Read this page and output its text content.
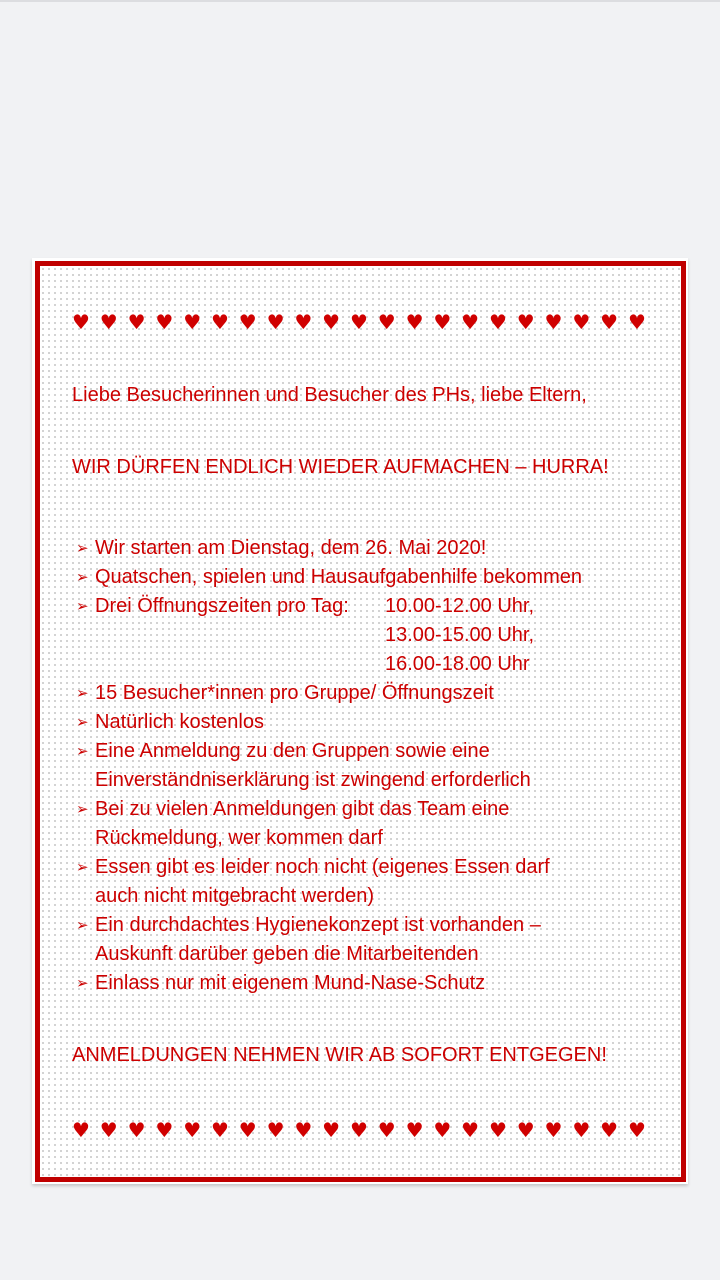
♥ ♥ ♥ ♥ ♥ ♥ ♥ ♥ ♥ ♥ ♥ ♥ ♥ ♥ ♥ ♥ ♥ ♥ ♥ ♥ ♥
Liebe Besucherinnen und Besucher des PHs, liebe Eltern,
WIR DÜRFEN ENDLICH WIEDER AUFMACHEN – HURRA!
➢ Wir starten am Dienstag, dem 26. Mai 2020!
➢ Quatschen, spielen und Hausaufgabenhilfe bekommen
➢ Drei Öffnungszeiten pro Tag: 10.00-12.00 Uhr,
13.00-15.00 Uhr,
16.00-18.00 Uhr
➢ 15 Besucher*innen pro Gruppe/ Öffnungszeit
➢ Natürlich kostenlos
➢ Eine Anmeldung zu den Gruppen sowie eine
Einverständniserklärung ist zwingend erforderlich
➢ Bei zu vielen Anmeldungen gibt das Team eine
Rückmeldung, wer kommen darf
➢ Essen gibt es leider noch nicht (eigenes Essen darf
auch nicht mitgebracht werden)
➢ Ein durchdachtes Hygienekonzept ist vorhanden –
Auskunft darüber geben die Mitarbeitenden
➢ Einlass nur mit eigenem Mund-Nase-Schutz
ANMELDUNGEN NEHMEN WIR AB SOFORT ENTGEGEN!
♥ ♥ ♥ ♥ ♥ ♥ ♥ ♥ ♥ ♥ ♥ ♥ ♥ ♥ ♥ ♥ ♥ ♥ ♥ ♥ ♥
